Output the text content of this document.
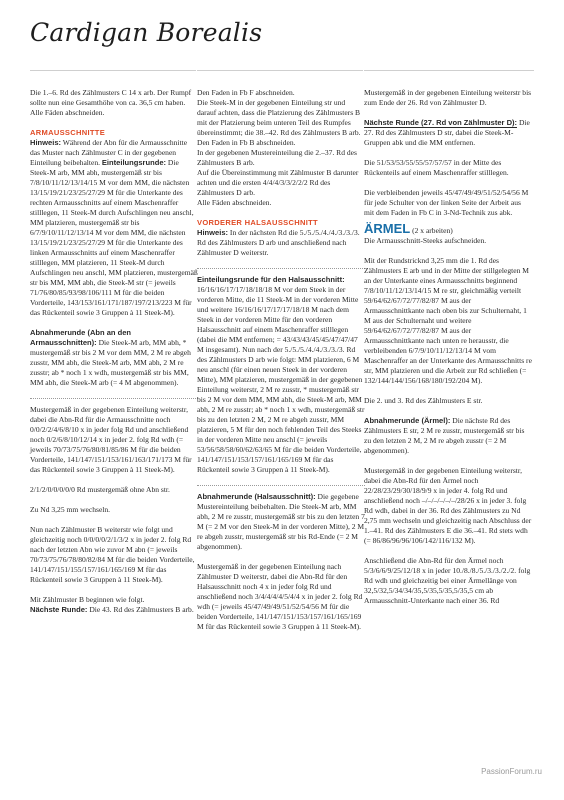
Cardigan Borealis

Die 1.–6. Rd des Zählmusters C 14 x arb. Der Rumpf sollte nun eine Gesamthöhe von ca. 36,5 cm haben. Alle Fäden abschneiden.

ARMAUSSCHNITTE

Hinweis: Während der Abn für die Armausschnitte das Muster nach Zählmuster C in der gegebenen Einteilung beibehalten. Einteilungsrunde: Die Steek-M arb, MM abh, mustergemäß str bis 7/8/10/11/12/13/14/15 M vor dem MM, die nächsten 13/15/19/21/23/25/27/29 M für die Unterkante des rechten Armausschnitts auf einem Maschenraffer stilllegen, 11 Steek-M durch Aufschlingen neu anschl, MM platzieren, mustergemäß str bis 6/7/9/10/11/12/13/14 M vor dem MM, die nächsten 13/15/19/21/23/25/27/29 M für die Unterkante des linken Armausschnitts auf einem Maschenraffer stilllegen, MM platzieren, 11 Steek-M durch Aufschlingen neu anschl, MM platzieren, mustergemäß str bis MM, MM abh, die Steek-M str (= jeweils 71/76/80/85/93/98/106/111 M für die beiden Vorderteile, 143/153/161/171/187/197/213/223 M für das Rückenteil sowie 3 Gruppen à 11 Steek-M).

Abnahmerunde (Abn an den Armausschnitten): Die Steek-M arb, MM abh, * mustergemäß str bis 2 M vor dem MM, 2 M re abgeh zusstr, MM abh, die Steek-M arb, MM abh, 2 M re zusstr; ab * noch 1 x wdh, mustergemäß str bis MM, MM abh, die Steek-M arb (= 4 M abgenommen).

Mustergemäß in der gegebenen Einteilung weiterstr, dabei die Abn-Rd für die Armausschnitte noch 0/0/2/2/4/6/8/10 x in jeder folg Rd und anschließend noch 0/2/6/8/10/12/14 x in jeder 2. folg Rd wdh (= jeweils 70/73/75/76/80/81/85/86 M für die beiden Vorderteile, 141/147/151/153/161/163/171/173 M für das Rückenteil sowie 3 Gruppen à 11 Steek-M).

2/1/2/0/0/0/0/0 Rd mustergemäß ohne Abn str.

Zu Nd 3,25 mm wechseln.

Nun nach Zählmuster B weiterstr wie folgt und gleichzeitig noch 0/0/0/0/2/1/3/2 x in jeder 2. folg Rd nach der letzten Abn wie zuvor M abn (= jeweils 70/73/75/76/78/80/82/84 M für die beiden Vorderteile, 141/147/151/155/157/161/165/169 M für das Rückenteil sowie 3 Gruppen à 11 Steek-M).

Mit Zählmuster B beginnen wie folgt.
Nächste Runde: Die 43. Rd des Zählmusters B arb.

Den Faden in Fb F abschneiden.
Die Steek-M in der gegebenen Einteilung str und darauf achten, dass die Platzierung des Zählmusters B mit der Platzierung beim unteren Teil des Rumpfes übereinstimmt; die 38.–42. Rd des Zählmusters B arb.
Den Faden in Fb B abschneiden.
In der gegebenen Mustereinteilung die 2.–37. Rd des Zählmusters B arb.
Auf die Übereinstimmung mit Zählmuster B darunter achten und die ersten 4/4/4/3/3/2/2/2 Rd des Zählmusters D arb.
Alle Fäden abschneiden.

VORDERER HALSAUSSCHNITT

Hinweis: In der nächsten Rd die 5./5./5./4./4./3./3./3. Rd des Zählmusters D arb und anschließend nach Zählmuster D weiterstr.

Einteilungsrunde für den Halsausschnitt: 16/16/16/17/17/18/18/18 M vor dem Steek in der vorderen Mitte, die 11 Steek-M in der vorderen Mitte und weitere 16/16/16/17/17/17/18/18 M nach dem Steek in der vorderen Mitte für den vorderen Halsausschnitt auf einem Maschenraffer stilllegen (dabei die MM entfernen; = 43/43/43/45/45/47/47/47 M insgesamt). Nun nach der 5./5./5./4./4./3./3./3. Rd des Zählmusters D arb wie folgt: MM platzieren, 6 M neu anschl (für einen neuen Steek in der vorderen Mitte), MM platzieren, mustergemäß in der gegebenen Einteilung weiterstr, 2 M re zusstr, * mustergemäß str bis 2 M vor dem MM, MM abh, die Steek-M arb, MM abh, 2 M re zusstr; ab * noch 1 x wdh, mustergemäß str bis zu den letzten 2 M, 2 M re abgeh zusstr, MM platzieren, 5 M für den noch fehlenden Teil des Steeks in der vorderen Mitte neu anschl (= jeweils 53/56/58/58/60/62/63/65 M für die beiden Vorderteile, 141/147/151/153/157/161/165/169 M für das Rückenteil sowie 3 Gruppen à 11 Steek-M).

Abnahmerunde (Halsausschnitt): Die gegebene Mustereinteilung beibehalten. Die Steek-M arb, MM abh, 2 M re zusstr, mustergemäß str bis zu den letzten 7 M (= 2 M vor den Steek-M in der vorderen Mitte), 2 M re abgeh zusstr, mustergemäß str bis Rd-Ende (= 2 M abgenommen).

Mustergemäß in der gegebenen Einteilung nach Zählmuster D weiterstr, dabei die Abn-Rd für den Halsausschnitt noch 4 x in jeder folg Rd und anschließend noch 3/4/4/4/4/5/4/4 x in jeder 2. folg Rd wdh (= jeweils 45/47/49/49/51/52/54/56 M für die beiden Vorderteile, 141/147/151/153/157/161/165/169 M für das Rückenteil sowie 3 Gruppen à 11 Steek-M).

Mustergemäß in der gegebenen Einteilung weiterstr bis zum Ende der 26. Rd von Zählmuster D.

Nächste Runde (27. Rd von Zählmuster D): Die 27. Rd des Zählmusters D str, dabei die Steek-M-Gruppen abk und die MM entfernen.

Die 51/53/53/55/55/57/57/57 in der Mitte des Rückenteils auf einem Maschenraffer stilllegen.

Die verbleibenden jeweils 45/47/49/49/51/52/54/56 M für jede Schulter von der linken Seite der Arbeit aus mit dem Faden in Fb C in 3-Nd-Technik zus abk.

ÄRMEL (2 x arbeiten)

Die Armausschnitt-Steeks aufschneiden.

Mit der Rundstricknd 3,25 mm die 1. Rd des Zählmusters E arb und in der Mitte der stillgelegten M an der Unterkante eines Armausschnitts beginnend 7/8/10/11/12/13/14/15 M re str, gleichmäßig verteilt 59/64/62/67/72/77/82/87 M aus der Armausschnittkante nach oben bis zur Schulternaht, 1 M aus der Schulternaht und weitere 59/64/62/67/72/77/82/87 M aus der Armausschnittkante nach unten re herausstr, die verbleibenden 6/7/9/10/11/12/13/14 M vom Maschenraffer an der Unterkante des Armausschnitts re str, MM platzieren und die Arbeit zur Rd schließen (= 132/144/144/156/168/180/192/204 M).

Die 2. und 3. Rd des Zählmusters E str.

Abnahmerunde (Ärmel): Die nächste Rd des Zählmusters E str, 2 M re zusstr, mustergemäß str bis zu den letzten 2 M, 2 M re abgeh zusstr (= 2 M abgenommen).

Mustergemäß in der gegebenen Einteilung weiterstr, dabei die Abn-Rd für den Ärmel noch 22/28/23/29/30/18/9/9 x in jeder 4. folg Rd und anschließend noch –/–/–/–/–/–/28/26 x in jeder 3. folg Rd wdh, dabei in der 36. Rd des Zählmusters zu Nd 2,75 mm wechseln und gleichzeitig nach Abschluss der 1.–41. Rd des Zählmusters E die 36.–41. Rd stets wdh (= 86/86/96/96/106/142/116/132 M).

Anschließend die Abn-Rd für den Ärmel noch 5/3/6/6/9/25/12/18 x in jeder 10./8./8./5./3./3./2./2. folg Rd wdh und gleichzeitig bei einer Ärmellänge von 32,5/32,5/34/34/35,5/35,5/35,5/35,5 cm ab Armausschnitt-Unterkante nach einer 36. Rd

PassionForum.ru
